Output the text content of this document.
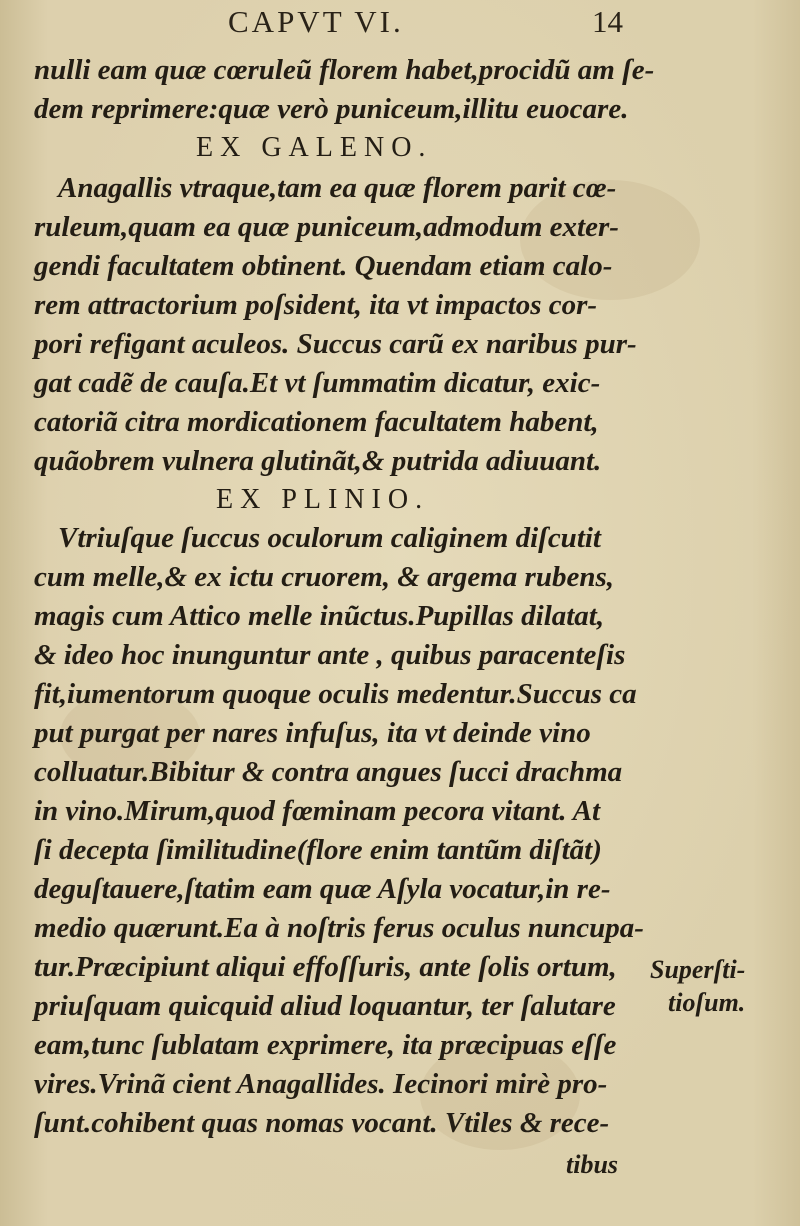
CAPVT VI.	14
nulli eam quæ cœruleũ florem habet,procidũ am ſe-
dem reprimere:quæ verò puniceum,illitu euocare.
EX GALENO.
Anagallis vtraque,tam ea quæ florem parit cœ-
ruleum,quam ea quæ puniceum,admodum exter-
gendi facultatem obtinent. Quendam etiam calo-
rem attractorium poſsident, ita vt impactos cor-
pori refigant aculeos. Succus carũ ex naribus pur-
gat cadẽ de cauſa.Et vt ſummatim dicatur, exic-
catoriã citra mordicationem facultatem habent,
quãobrem vulnera glutinãt,& putrida adiuuant.
EX PLINIO.
Vtriuſque ſuccus oculorum caliginem diſcutit
cum melle,& ex ictu cruorem, & argema rubens,
magis cum Attico melle inũctus.Pupillas dilatat,
& ideo hoc inunguntur ante , quibus paracenteſis
fit,iumentorum quoque oculis medentur.Succus ca
put purgat per nares infuſus, ita vt deinde vino
colluatur.Bibitur & contra angues ſucci drachma
in vino.Mirum,quod fœminam pecora vitant. At
ſi decepta ſimilitudine(flore enim tantũm diſtãt)
deguſtauere,ſtatim eam quæ Aſyla vocatur,in re-
medio quærunt.Ea à noſtris ferus oculus nuncupa-
tur.Præcipiunt aliqui effoſſuris, ante ſolis ortum,
priuſquam quicquid aliud loquantur, ter ſalutare
eam,tunc ſublatam exprimere, ita præcipuas eſſe
vires.Vrinã cient Anagallides. Iecinori mirè pro-
ſunt.cohibent quas nomas vocant. Vtiles & rece-
Superſti-
tioſum.
tibus
